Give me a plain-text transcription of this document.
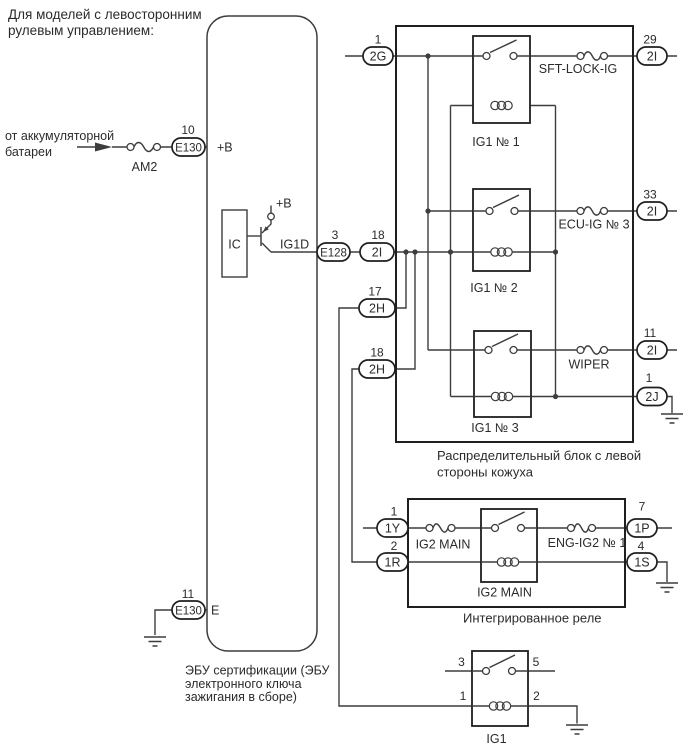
Для моделей с левосторонним
рулевым управлением:
от аккумуляторной
батареи
AM2
+B
IC
+B
IG1D
E
ЭБУ сертификации (ЭБУ
электронного ключа
зажигания в сборе)
Распределительный блок с левой
стороны кожуха
IG1 № 1
IG1 № 2
IG1 № 3
SFT-LOCK-IG
ECU-IG № 3
WIPER
Интегрированное реле
IG2 MAIN
IG2 MAIN
ENG-IG2 № 1
3	5
1	2
IG1
10
E130
3
E128
18
2I
17
2H
18
2H
1
2G
29
2I
33
2I
11
2I
1
2J
1
1Y
2
1R
7
1P
4
1S
11
E130
